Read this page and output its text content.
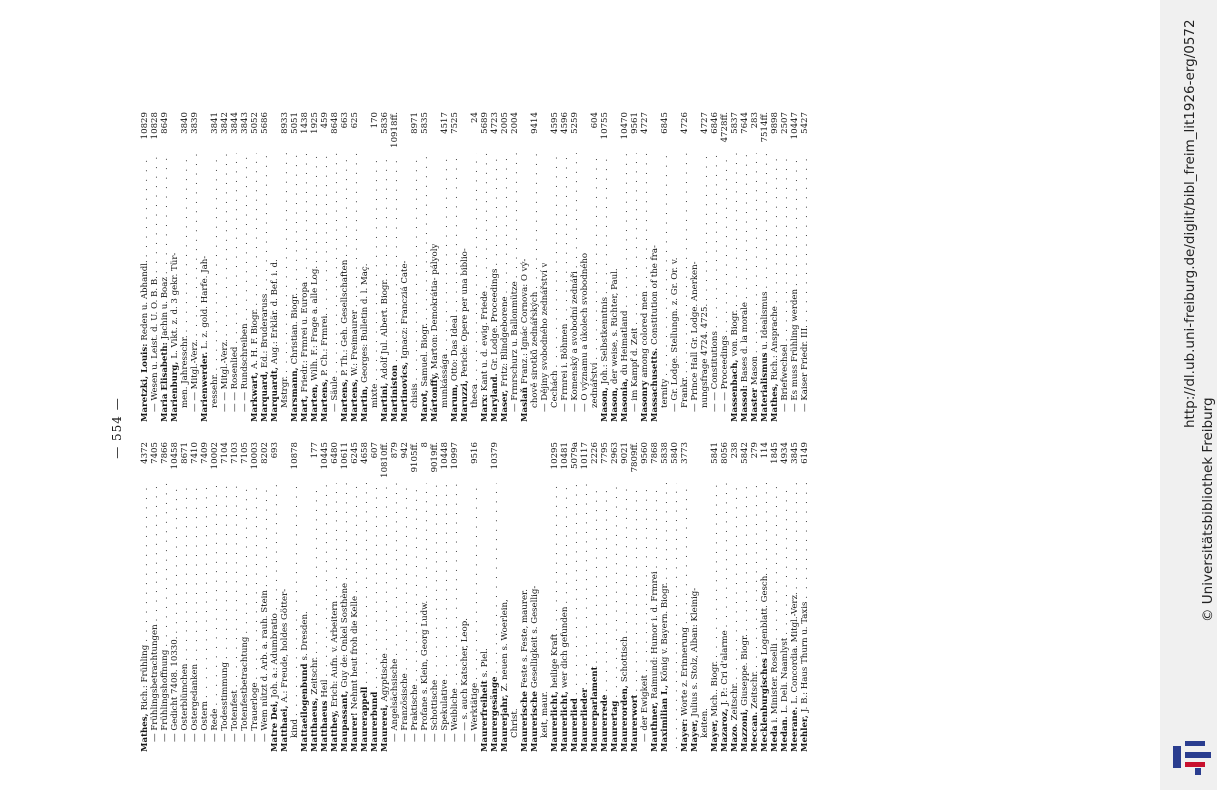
— 554 —
Maretzki, Louis: Reden u. Abhandl.
. . .
10829
— Wesen u. Leist. d. U. O. B. B.
. . .
10828
Maria Elisabeth: Jachin u. Boaz
. . .
8649
Marienburg, L. Vikt. z. d. 3 gekr. Tür-
men. Jahresschr.
. . .
3840
— — Mitgl.-Verz.
. . .
3839
Marienwerder. L. z. gold. Harfe. Jah-
ressehr.
. . .
3841
— — Mitgl.-Verz.
. . .
3842
— — Rosenlied
. . .
3844
— — Rundschreiben
. . .
3843
Markwart, A. H. F. Biogr.
. . .
5052
Marquard, Ed.: Bruderaruss
. . .
5686
Marquardt, Aug.: Erklär. d. Bef. i. d.
Mstrgr.
. . .
8933
Marsmann, Christian. Biogr.
. . .
5051
Mart, Friedr.: Frmrei u. Europa
. . .
1438
Marten, Wilh. F.: Frage a. alle Log.
. . .
1925
Martens, P. Ch.: Frmrei.
. . .
459
— Säule
. . .
8648
Martens, P. Th.: Geh. Gesellschaften
. . .
663
Martens, W.: Freimaurer
. . .
625
Martin, Georges: Bulletin d. l. Maç.
mixte
. . .
170
Martini, Adolf Jul. Albert. Biogr.
. . .
5836
Martiniston
. . .
10918ff.
Martinovics, Ignacz: Francziá Cate-
chisis
. . .
8971
Marot, Samuel. Biogr.
. . .
5835
Mártonffy, Marton: Demokrátia- pályoly
munkássága
. . .
4517
Marum, Otto: Das Ideal
. . .
7525
Maruzzi, Pericle: Opere per una biblio-
theca
. . .
24
Marx: Kant u. d. ewig. Friede
. . .
5689
Maryland. Gr. Lodge. Proceedings
. . .
4723
Maser, Fritz: Blindgeborene
. . .
2005
— Frmrschurz u. Ballonmütze
. . .
2004
Maslaň Franz.: Ignác Cornova: O vý- chově sirotků zednářských
. . .
9414
— Dějiny svobodného zednářství v Čechách
. . .
4595
— Frmrei i. Böhmen
. . .
4596
— Komenský a svobodní zednáři
. . .
5259
— O významu a úkolech svobodného zednářství
. . .
604
Mason, Joh.: Selbstkenntnis
. . .
10755
Mason, der weise, s. Richter, Paul.
Masonia, du Heimatland
. . .
10470
— im Kampf d. Zeit
. . .
9561
Masonry among colored men
. . .
4727
Massachusetts. Constitution of the fra-
ternity
. . .
6845
— Gr. Lodge. Stellungn. z. Gr. Or. v. Frankr.
. . .
4726
— Prince Hall Gr. Lodge. Anerken- nungsfrage 4724. 4725.
. . .
4727
— — Constitutions
. . .
6846
— — Proceedings
. . .
4728ff.
Massenbach, von. Biogr.
. . .
5837
Massol: Bases d. la morale
. . .
7644
Master Mason
. . .
283
Materialismus u. Idealismus
. . .
7514ff.
Mathes, Rich.: Ansprache
. . .
9898
— Briefwechsel
. . .
2507
— Es muss Frühling werden
. . .
10447
— Kaiser Friedr. III.
. . .
5427
Mathes, Rich.: Frühling
. . .
4372
— Frühlingsbetrachtungen
. . .
7405
— Frühlingshoffnung
. . .
7866
— Gedicht 7408. 10330.
. . .
10458
— Osterblümchen
. . .
8671
— Ostergedanken
. . .
7410
— Ostern
. . .
7409
— Rede
. . .
10002
— Todesstimmung
. . .
7104
— Totenfest
. . .
7103
— Totenfestbetrachtung
. . .
7105
— Trauerloge
. . .
10003
— Wem nützt d. Arb. a. rauh. Stein
. . .
8202
Matre Dei, Joh. a.: Adumbratio
. . .
693
Matthaei, A.: Freude, holdes Götter-
kind
. . .
10878
Mattaeilogenbund s. Dresden.
Matthaeus, Zeitschr.
. . .
177
Matthaeus Heil
. . .
10445
Matthey, Erich: Aufn. v. Arbeitern
. . .
6480
Maupassant, Guy de: Onkel Sosthène
. . .
10611
Maurer! Nehmt heut froh die Kelle
. . .
6245
Maurerappell
. . .
4658
Maurerbund
. . .
607
Maurerei, Ägyptische
. . .
10810ff.
— Angelsächsische
. . .
879
— Französische
. . .
942
— Praktische
. . .
9105ff.
— Profane s. Klein, Georg Ludw.
. . .
8
— Schottische
. . .
9019ff.
— Spekulative
. . .
10448
— Weibliche
. . .
10997
— — s. auch Katscher, Leop. — Werktätige
. . .
9516
Maurerfreiheit s. Piel.
Maurergesänge
. . .
10379
Maurerjahr, Z. neuen s. Woerlein,
Christ. Maurerische Feste s. Feste, maurer.
Maurerische Geselligkeit s. Gesellig-
keit, maur. Maurerlicht, heilige Kraft
. . .
10295
Maurerlicht, wer dich gefunden
. . .
10481
Maurerlied
. . .
5079a
Maurerlieder
. . .
10117
Maurerparlament
. . .
2226
Maurerrede
. . .
7795
Maurertag
. . .
2963
Maurerorden, Schottisch
. . .
9021
Maurerwort
. . .
7809ff.
— der Ewigkeit
. . .
9560
Mauthner, Raimund: Humor i. d. Frmrei
. . .
7868
Maximilian I., König v. Bayern. Biogr.
. . .
5838
. . . 5840
Mayer: Worte z. Erinnerung
. . .
3773
Mayer, Julius s. Stolz, Alban: Kleinig-
keiten. Mayer, Mich.. Biogr.
. . .
5841
Mazaroz, J. P.: Cri d'alarme
. . .
8056
Mazo. Zeitschr.
. . .
238
Mazzoni, Giuseppe. Biogr.
. . .
5842
Meccan. Zeitschr.
. . .
279
Mecklenburgisches Logenblatt. Gesch.
. . .
114
Meda i. Minister. Roselli
. . .
1845
Medan. L. Deli. Naamlyst
. . .
4934
Meerane. L. Concordia. Mitgl.-Verz.
. . .
3845
Mehler, J. B.: Haus Thurn u. Taxis
. . .
6149
http://dl.ub.uni-freiburg.de/diglit/bibl_freim_lit1926-erg/0572
© Universitätsbibliothek Freiburg
